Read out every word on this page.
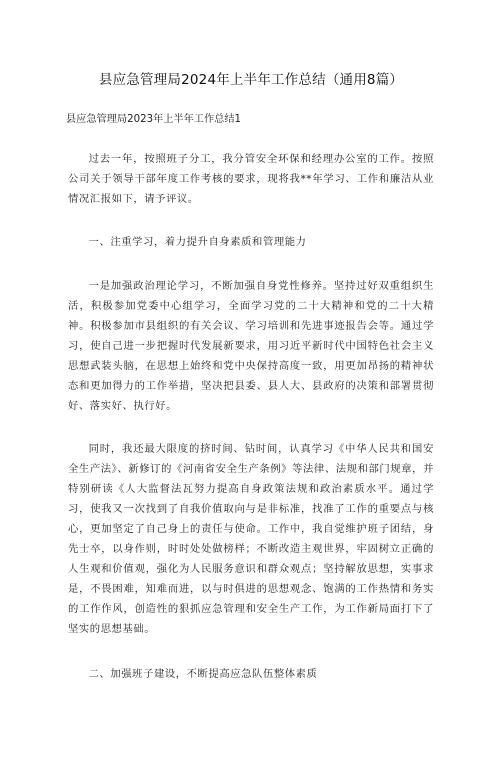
县应急管理局2024年上半年工作总结（通用8篇）
县应急管理局2023年上半年工作总结1

过去一年，按照班子分工，我分管安全环保和经理办公室的工作。按照公司关于领导干部年度工作考核的要求，现将我**年学习、工作和廉洁从业情况汇报如下，请予评议。

一、注重学习，着力提升自身素质和管理能力

一是加强政治理论学习，不断加强自身党性修养。坚持过好双重组织生活，积极参加党委中心组学习，全面学习党的二十大精神和党的二十大精神。积极参加市县组织的有关会议、学习培训和先进事迹报告会等。通过学习，使自己进一步把握时代发展新要求，用习近平新时代中国特色社会主义思想武装头脑，在思想上始终和党中央保持高度一致，用更加昂扬的精神状态和更加得力的工作举措，坚决把县委、县人大、县政府的决策和部署贯彻好、落实好、执行好。

同时，我还最大限度的挤时间、钻时间，认真学习《中华人民共和国安全生产法》、新修订的《河南省安全生产条例》等法律、法规和部门规章，并特别研读《人大监督法瓦努力提高自身政策法规和政治素质水平。通过学习，使我又一次找到了自我价值取向与是非标准，找准了工作的重要点与核心，更加坚定了自己身上的责任与使命。工作中，我自觉维护班子团结，身先士卒，以身作则，时时处处做榜样；不断改造主观世界，牢固树立正确的人生观和价值观，强化为人民服务意识和群众观点；坚持解放思想，实事求是，不畏困难，知难而进，以与时俱进的思想观念、饱满的工作热情和务实的工作作风，创造性的狠抓应急管理和安全生产工作，为工作新局面打下了坚实的思想基础。

二、加强班子建设，不断提高应急队伍整体素质
